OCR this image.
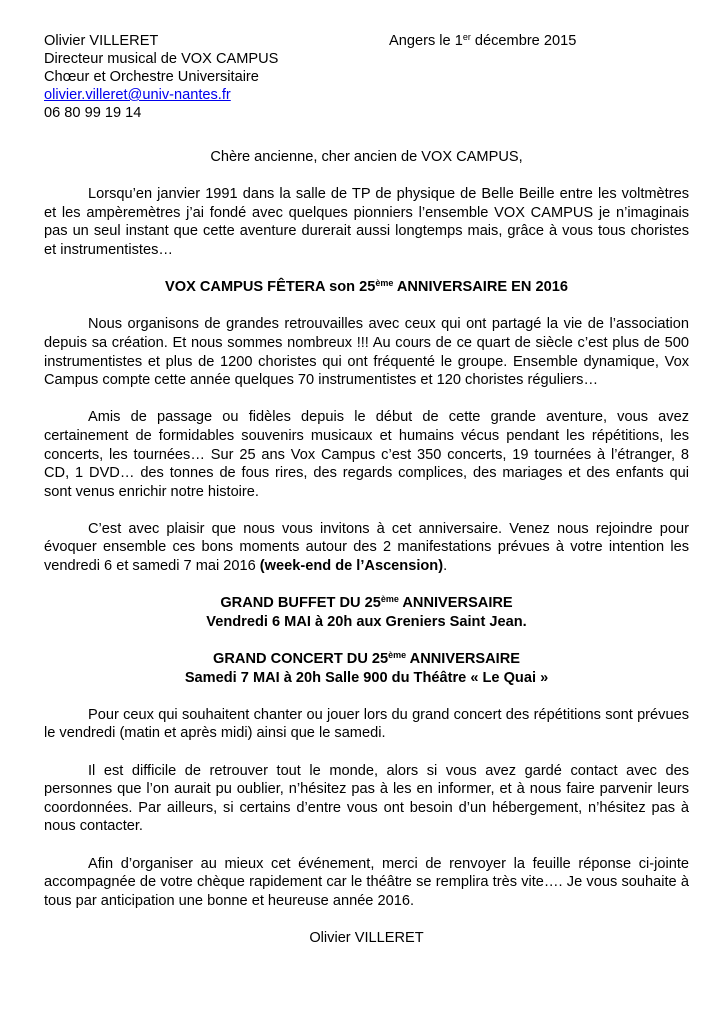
Olivier VILLERET
Directeur musical de VOX CAMPUS
Chœur et Orchestre Universitaire
olivier.villeret@univ-nantes.fr
06 80 99 19 14
Angers le 1er décembre 2015

Chère ancienne, cher ancien de VOX CAMPUS,

Lorsqu’en janvier 1991 dans la salle de TP de physique de Belle Beille entre les voltmètres et les ampèremètres j’ai fondé avec quelques pionniers l’ensemble VOX CAMPUS je n’imaginais pas un seul instant que cette aventure durerait aussi longtemps mais, grâce à vous tous choristes et instrumentistes…

VOX CAMPUS FÊTERA son 25ème ANNIVERSAIRE EN 2016

Nous organisons de grandes retrouvailles avec ceux qui ont partagé la vie de l’association depuis sa création. Et nous sommes nombreux !!! Au cours de ce quart de siècle c’est plus de 500 instrumentistes et plus de 1200 choristes qui ont fréquenté le groupe. Ensemble dynamique, Vox Campus compte cette année quelques 70 instrumentistes et 120 choristes réguliers…

Amis de passage ou fidèles depuis le début de cette grande aventure, vous avez certainement de formidables souvenirs musicaux et humains vécus pendant les répétitions, les concerts, les tournées… Sur 25 ans Vox Campus c’est 350 concerts, 19 tournées à l’étranger, 8 CD, 1 DVD… des tonnes de fous rires, des regards complices, des mariages et des enfants qui sont venus enrichir notre histoire.

C’est avec plaisir que nous vous invitons à cet anniversaire. Venez nous rejoindre pour évoquer ensemble ces bons moments autour des 2 manifestations prévues à votre intention les vendredi 6 et samedi 7 mai 2016 (week-end de l’Ascension).

GRAND BUFFET DU 25ème ANNIVERSAIRE

Vendredi 6 MAI à 20h aux Greniers Saint Jean.

GRAND CONCERT DU 25ème ANNIVERSAIRE

Samedi 7 MAI à 20h Salle 900 du Théâtre « Le Quai »

Pour ceux qui souhaitent chanter ou jouer lors du grand concert des répétitions sont prévues le vendredi (matin et après midi) ainsi que le samedi.

Il est difficile de retrouver tout le monde, alors si vous avez gardé contact avec des personnes que l’on aurait pu oublier, n’hésitez pas à les en informer, et à nous faire parvenir leurs coordonnées. Par ailleurs, si certains d’entre vous ont besoin d’un hébergement, n’hésitez pas à nous contacter.

Afin d’organiser au mieux cet événement, merci de renvoyer la feuille réponse ci-jointe accompagnée de votre chèque rapidement car le théâtre se remplira très vite…. Je vous souhaite à tous par anticipation une bonne et heureuse année 2016.

Olivier VILLERET
